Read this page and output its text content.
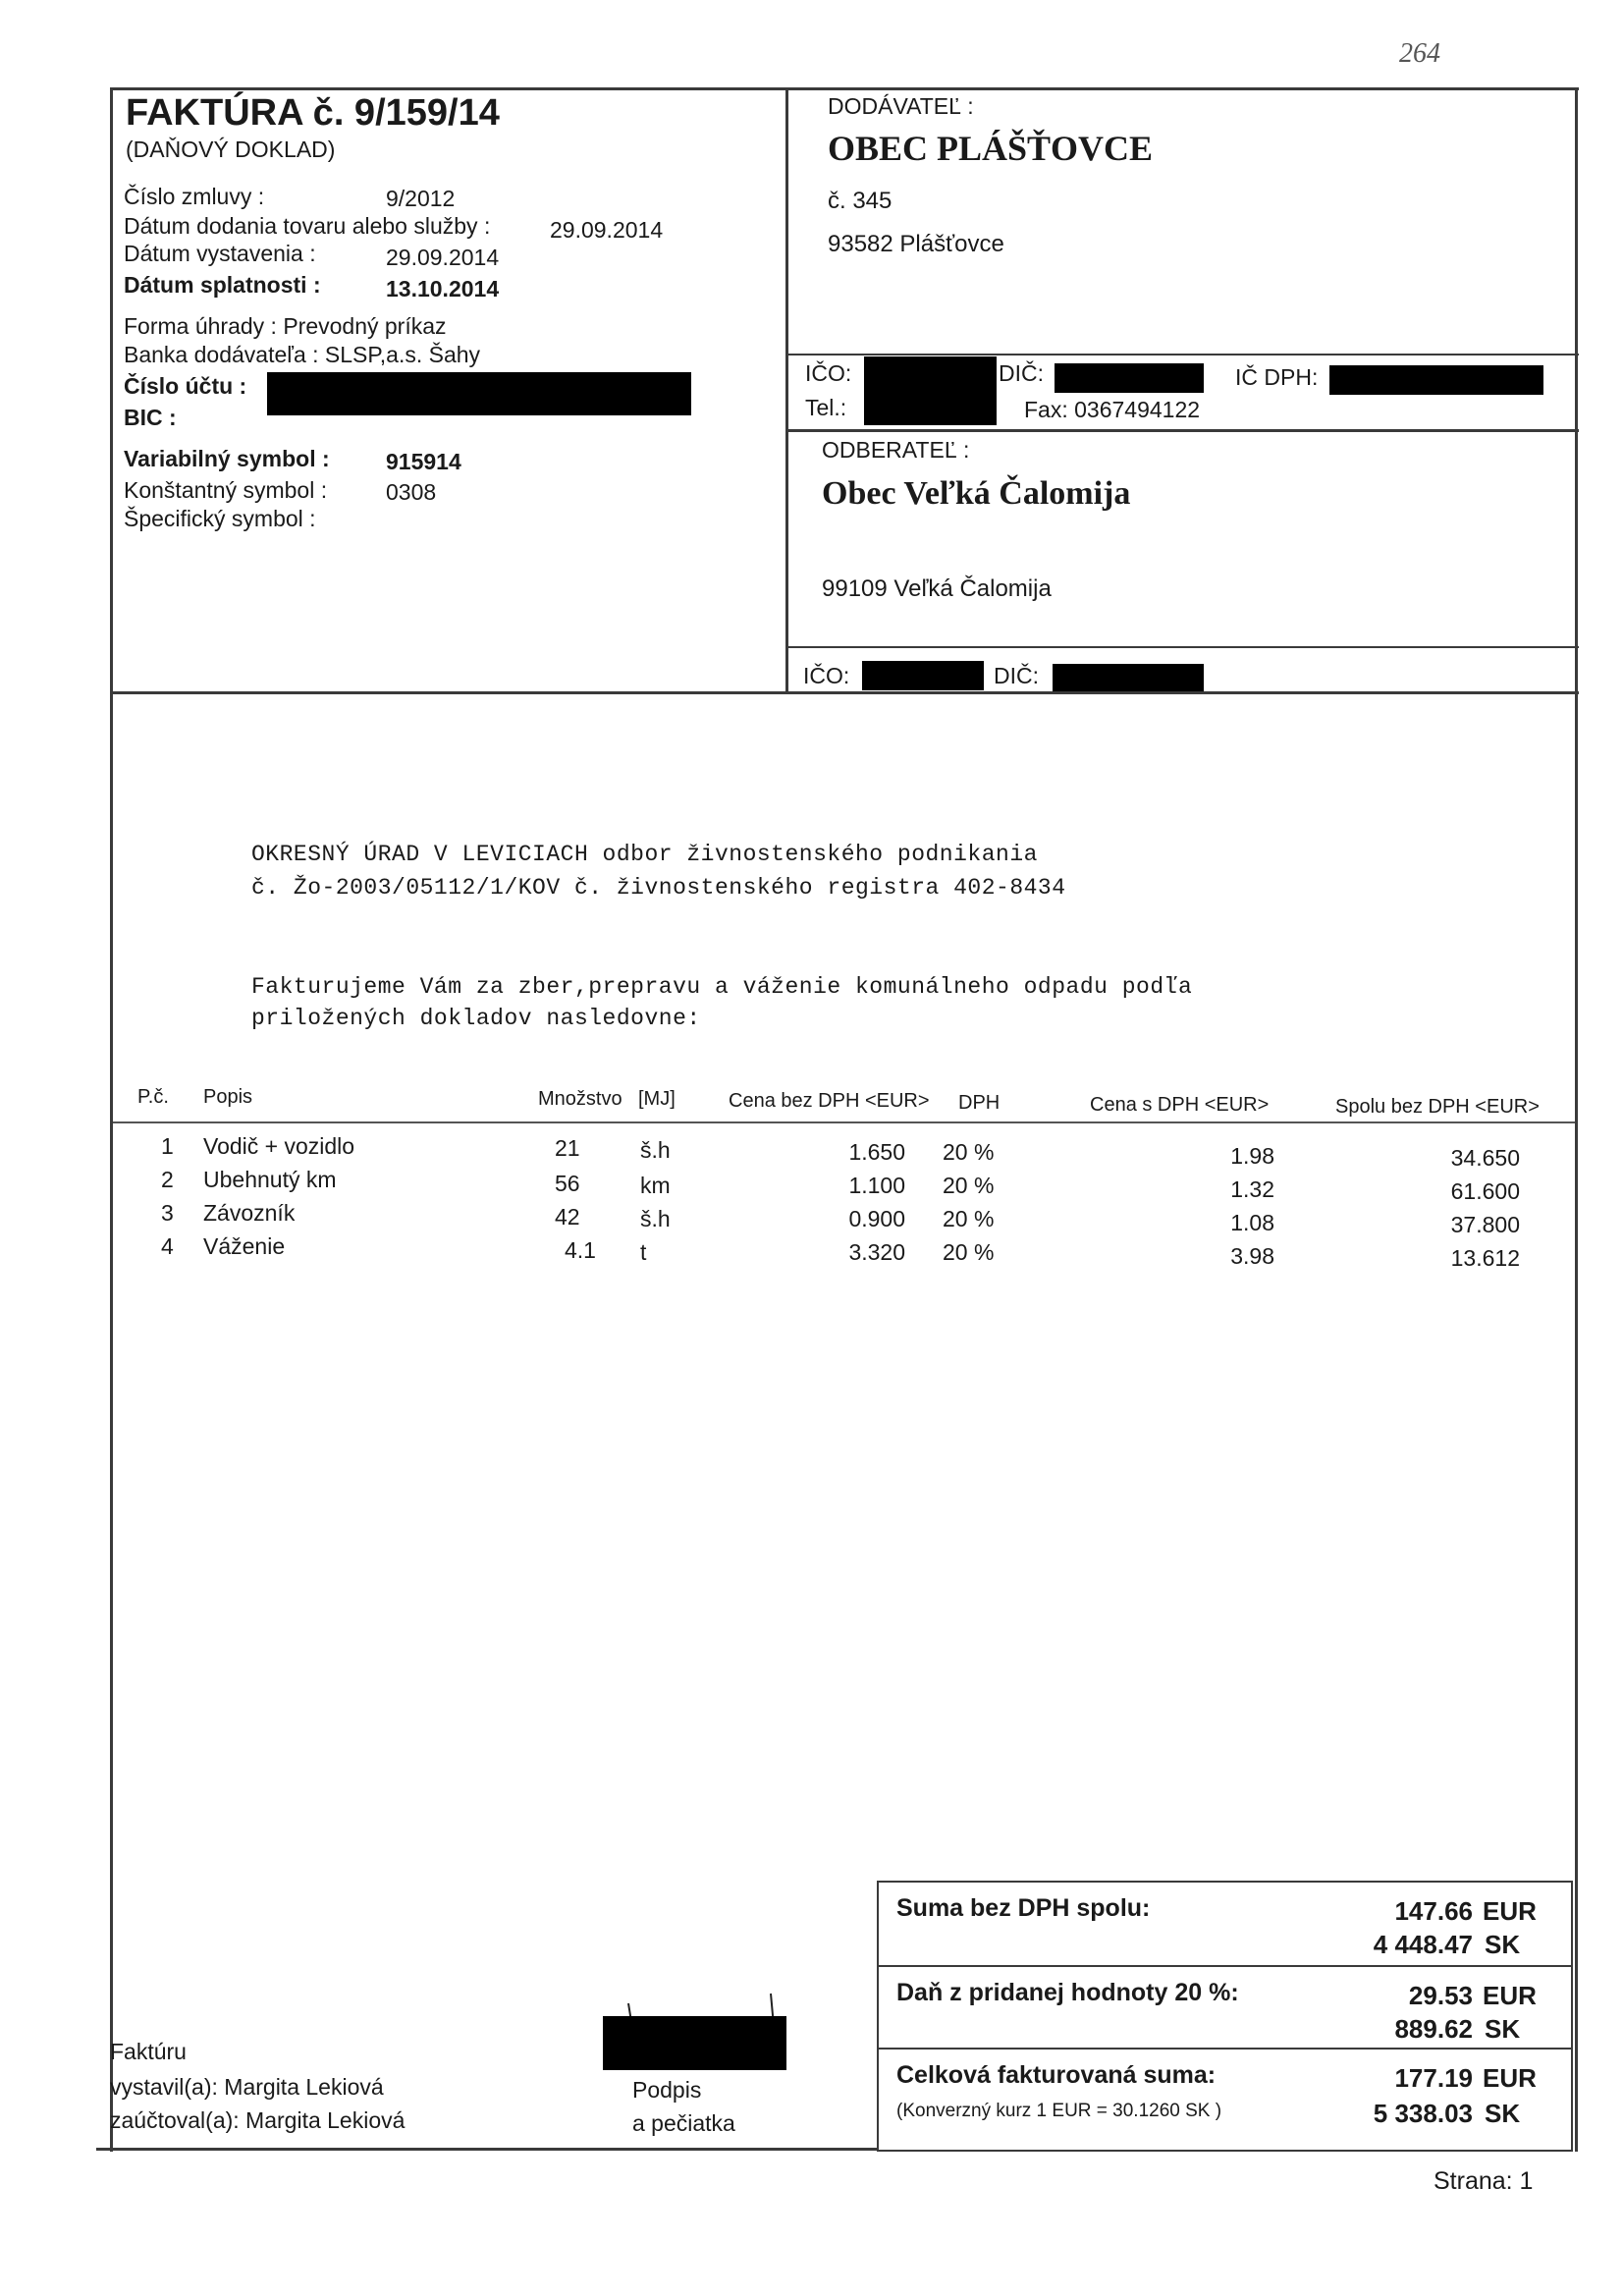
264
FAKTÚRA č. 9/159/14
(DAŇOVÝ DOKLAD)
Číslo zmluvy :	9/2012
Dátum dodania tovaru alebo služby :	29.09.2014
Dátum vystavenia :	29.09.2014
Dátum splatnosti :	13.10.2014
Forma úhrady : Prevodný príkaz
Banka dodávateľa : SLSP,a.s. Šahy
Číslo účtu :
BIC :
Variabilný symbol : 915914
Konštantný symbol :	0308
Špecifický symbol :
DODÁVATEĽ :
OBEC PLÁŠŤOVCE
č. 345
93582 Plášťovce
IČO:	DIČ:	IČ DPH:
Tel.:	Fax: 0367494122
ODBERATEĽ :
Obec Veľká Čalomija
99109 Veľká Čalomija
IČO:	DIČ:
OKRESNÝ ÚRAD V LEVICIACH odbor živnostenského podnikania
č. Žo-2003/05112/1/KOV č. živnostenského registra 402-8434
Fakturujeme Vám za zber,prepravu a váženie komunálneho odpadu podľa
priložených dokladov nasledovne:
P.č. Popis	Množstvo [MJ]	Cena bez DPH <EUR> DPH	Cena s DPH <EUR>	Spolu bez DPH <EUR>
1 Vodič + vozidlo	21	š.h	1.650 20 %	1.98	34.650
2 Ubehnutý km	56	km	1.100 20 %	1.32	61.600
3 Závozník	42	š.h	0.900 20 %	1.08	37.800
4 Váženie	4.1 t	3.320 20 %	3.98	13.612
Suma bez DPH spolu:	147.66 EUR
4 448.47 SK
Daň z pridanej hodnoty 20 %:	29.53 EUR
889.62 SK
Celková fakturovaná suma:
(Konverzný kurz 1 EUR = 30.1260 SK )
177.19 EUR
5 338.03 SK
Faktúru
vystavil(a): Margita Lekiová
zaúčtoval(a): Margita Lekiová
Podpis
a pečiatka
Strana: 1
